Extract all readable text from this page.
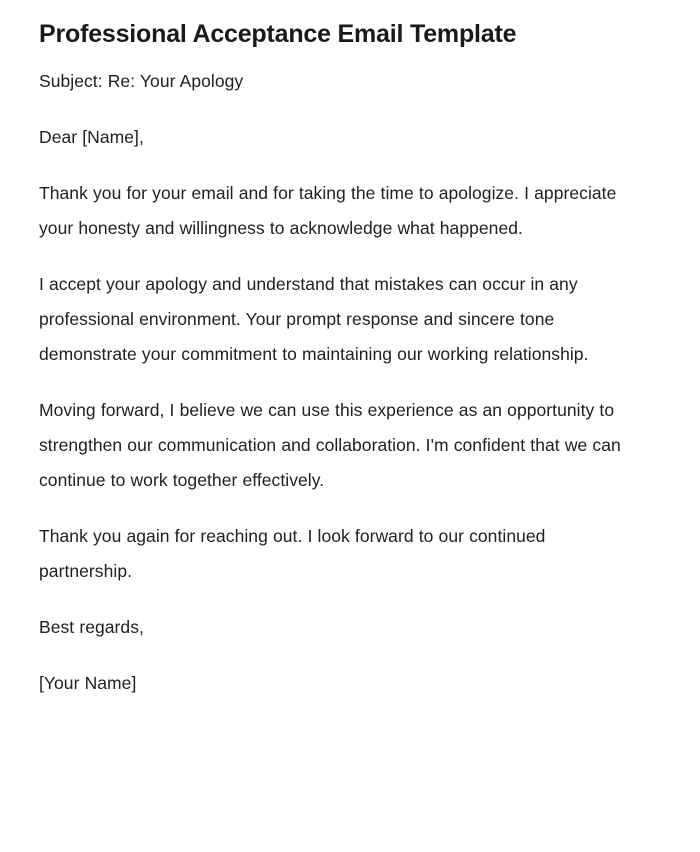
Professional Acceptance Email Template

Subject: Re: Your Apology

Dear [Name],

Thank you for your email and for taking the time to apologize. I appreciate your honesty and willingness to acknowledge what happened.

I accept your apology and understand that mistakes can occur in any professional environment. Your prompt response and sincere tone demonstrate your commitment to maintaining our working relationship.

Moving forward, I believe we can use this experience as an opportunity to strengthen our communication and collaboration. I'm confident that we can continue to work together effectively.

Thank you again for reaching out. I look forward to our continued partnership.

Best regards,

[Your Name]
